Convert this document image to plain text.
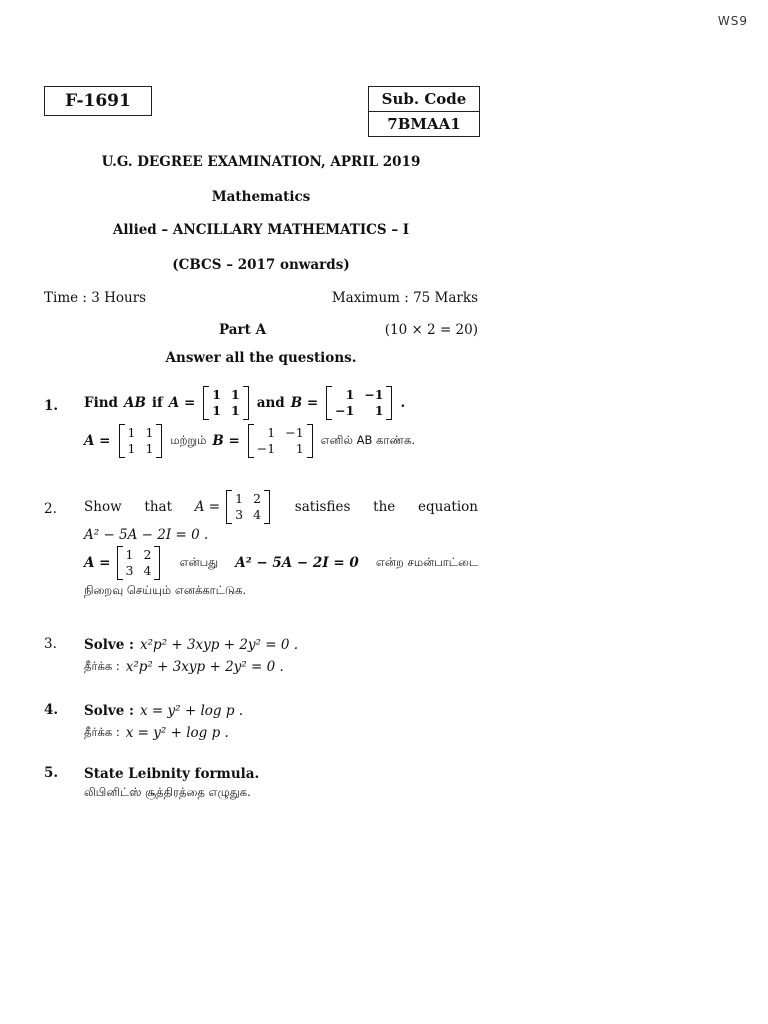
WS9
F-1691	Sub. Code
7BMAA1
U.G. DEGREE EXAMINATION, APRIL 2019
Mathematics
Allied – ANCILLARY MATHEMATICS – I
(CBCS – 2017 onwards)
Time : 3 Hours	Maximum : 75 Marks
Part A	(10 × 2 = 20)
Answer all the questions.
1. Find AB if A =
1 1
1 1 and B =
1 −1
−1	1 .
A =
1 1
1 1
மற்றும் B =
1 −1
−1	1
எனில் AB காண்க.
2. Show that A =
1 2
3 4	satisfies the equation
A² − 5A − 2I = 0 .
A =
1 2
3 4
என்பது A² − 5A − 2I = 0 என்ற சமன்பாட்டை
நிறைவு செய்யும் எனக்காட்டுக.
3. Solve : x²p² + 3xyp + 2y² = 0 .
தீர்க்க : x²p² + 3xyp + 2y² = 0 .
4. Solve : x = y² + log p .
தீர்க்க : x = y² + log p .
5. State Leibnity formula.
லிபினிட்ஸ் சூத்திரத்தை எழுதுக.
